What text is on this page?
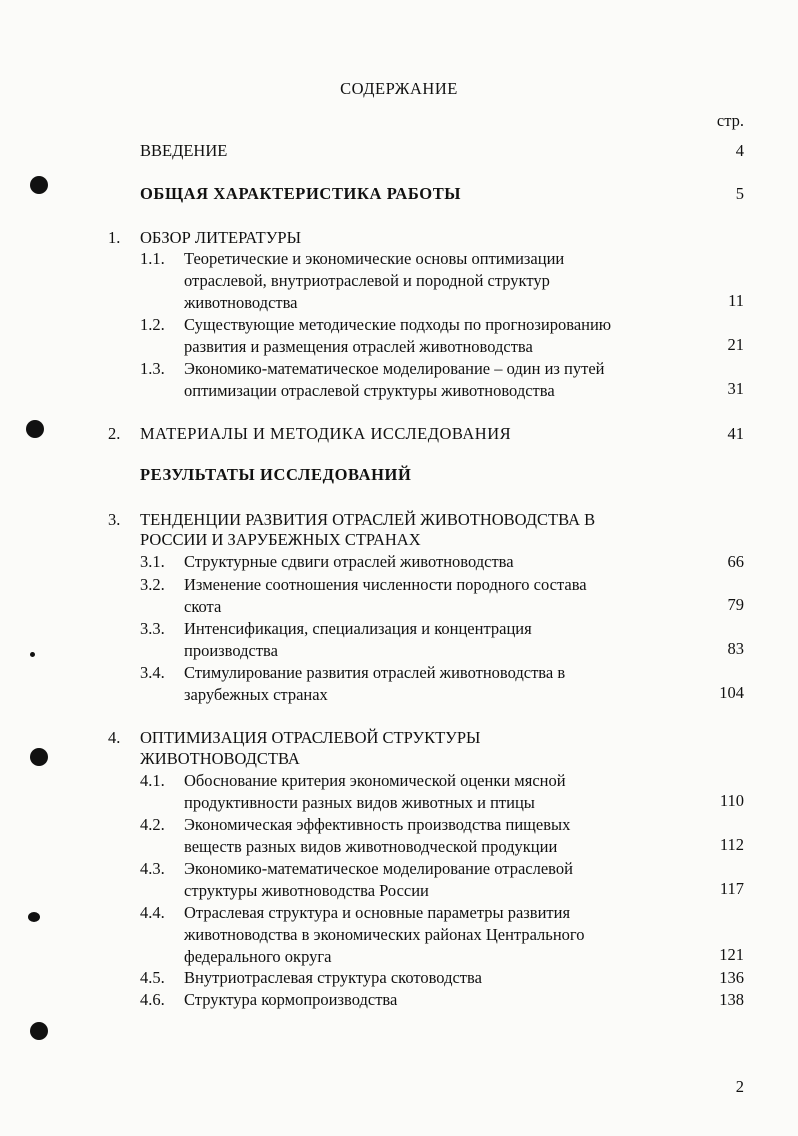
СОДЕРЖАНИЕ
стр.
ВВЕДЕНИЕ	4
ОБЩАЯ ХАРАКТЕРИСТИКА РАБОТЫ	5
1. ОБЗОР ЛИТЕРАТУРЫ
1.1. Теоретические и экономические основы оптимизации
отраслевой, внутриотраслевой и породной структур
животноводства	11
1.2. Существующие методические подходы по прогнозированию
развития и размещения отраслей животноводства	21
1.3. Экономико-математическое моделирование – один из путей
оптимизации отраслевой структуры животноводства	31
2. МАТЕРИАЛЫ И МЕТОДИКА ИССЛЕДОВАНИЯ	41
РЕЗУЛЬТАТЫ ИССЛЕДОВАНИЙ
3. ТЕНДЕНЦИИ РАЗВИТИЯ ОТРАСЛЕЙ ЖИВОТНОВОДСТВА В
РОССИИ И ЗАРУБЕЖНЫХ СТРАНАХ
3.1. Структурные сдвиги отраслей животноводства	66
3.2. Изменение соотношения численности породного состава
скота	79
3.3. Интенсификация, специализация и концентрация
производства	83
3.4. Стимулирование развития отраслей животноводства в
зарубежных странах	104
4. ОПТИМИЗАЦИЯ ОТРАСЛЕВОЙ СТРУКТУРЫ
ЖИВОТНОВОДСТВА
4.1. Обоснование критерия экономической оценки мясной
продуктивности разных видов животных и птицы	110
4.2. Экономическая эффективность производства пищевых
веществ разных видов животноводческой продукции	112
4.3. Экономико-математическое моделирование отраслевой
структуры животноводства России	117
4.4. Отраслевая структура и основные параметры развития
животноводства в экономических районах Центрального
федерального округа	121
4.5. Внутриотраслевая структура скотоводства	136
4.6. Структура кормопроизводства	138
2
